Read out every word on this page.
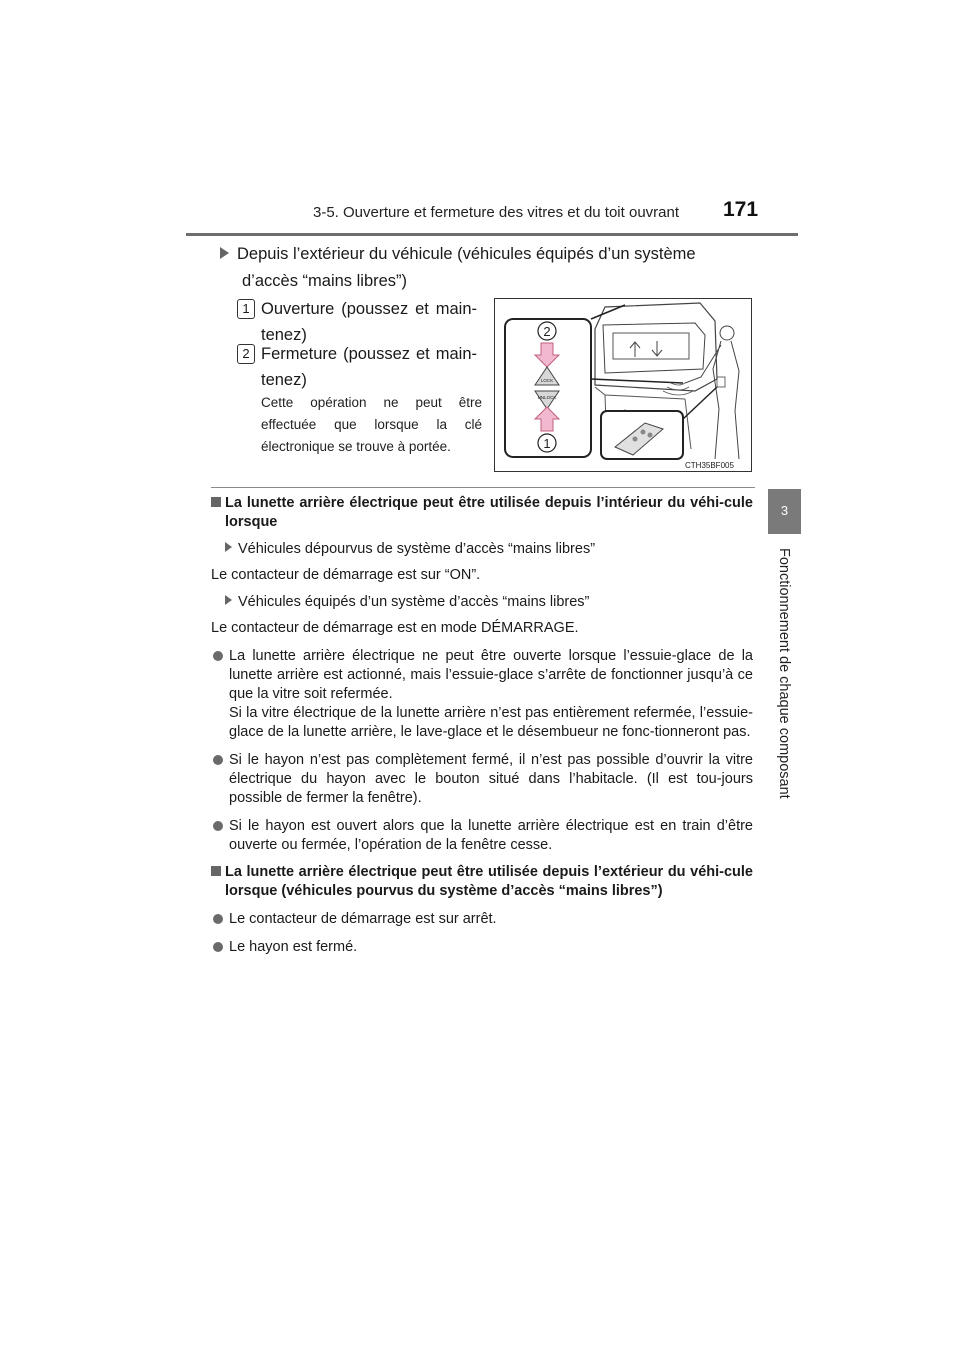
3-5. Ouverture et fermeture des vitres et du toit ouvrant 171
3
Fonctionnement de chaque composant
Depuis l’extérieur du véhicule (véhicules équipés d’un système
d’accès “mains libres”)
1 Ouverture (poussez et main-tenez)
2 Fermeture (poussez et main-tenez)
Cette opération ne peut être effectuée que lorsque la clé électronique se trouve à portée.
2
LOCK
UNLOCK
1
CTH35BF005

La lunette arrière électrique peut être utilisée depuis l’intérieur du véhi-cule lorsque

Véhicules dépourvus de système d’accès “mains libres”

Le contacteur de démarrage est sur “ON”.

Véhicules équipés d’un système d’accès “mains libres”

Le contacteur de démarrage est en mode DÉMARRAGE.

La lunette arrière électrique ne peut être ouverte lorsque l’essuie-glace de la lunette arrière est actionné, mais l’essuie-glace s’arrête de fonctionner jusqu’à ce que la vitre soit refermée.

Si la vitre électrique de la lunette arrière n’est pas entièrement refermée, l’essuie-glace de la lunette arrière, le lave-glace et le désembueur ne fonc-tionneront pas.

Si le hayon n’est pas complètement fermé, il n’est pas possible d’ouvrir la vitre électrique du hayon avec le bouton situé dans l’habitacle. (Il est tou-jours possible de fermer la fenêtre).

Si le hayon est ouvert alors que la lunette arrière électrique est en train d’être ouverte ou fermée, l’opération de la fenêtre cesse.

La lunette arrière électrique peut être utilisée depuis l’extérieur du véhi-cule lorsque (véhicules pourvus du système d’accès “mains libres”)

Le contacteur de démarrage est sur arrêt.

Le hayon est fermé.
